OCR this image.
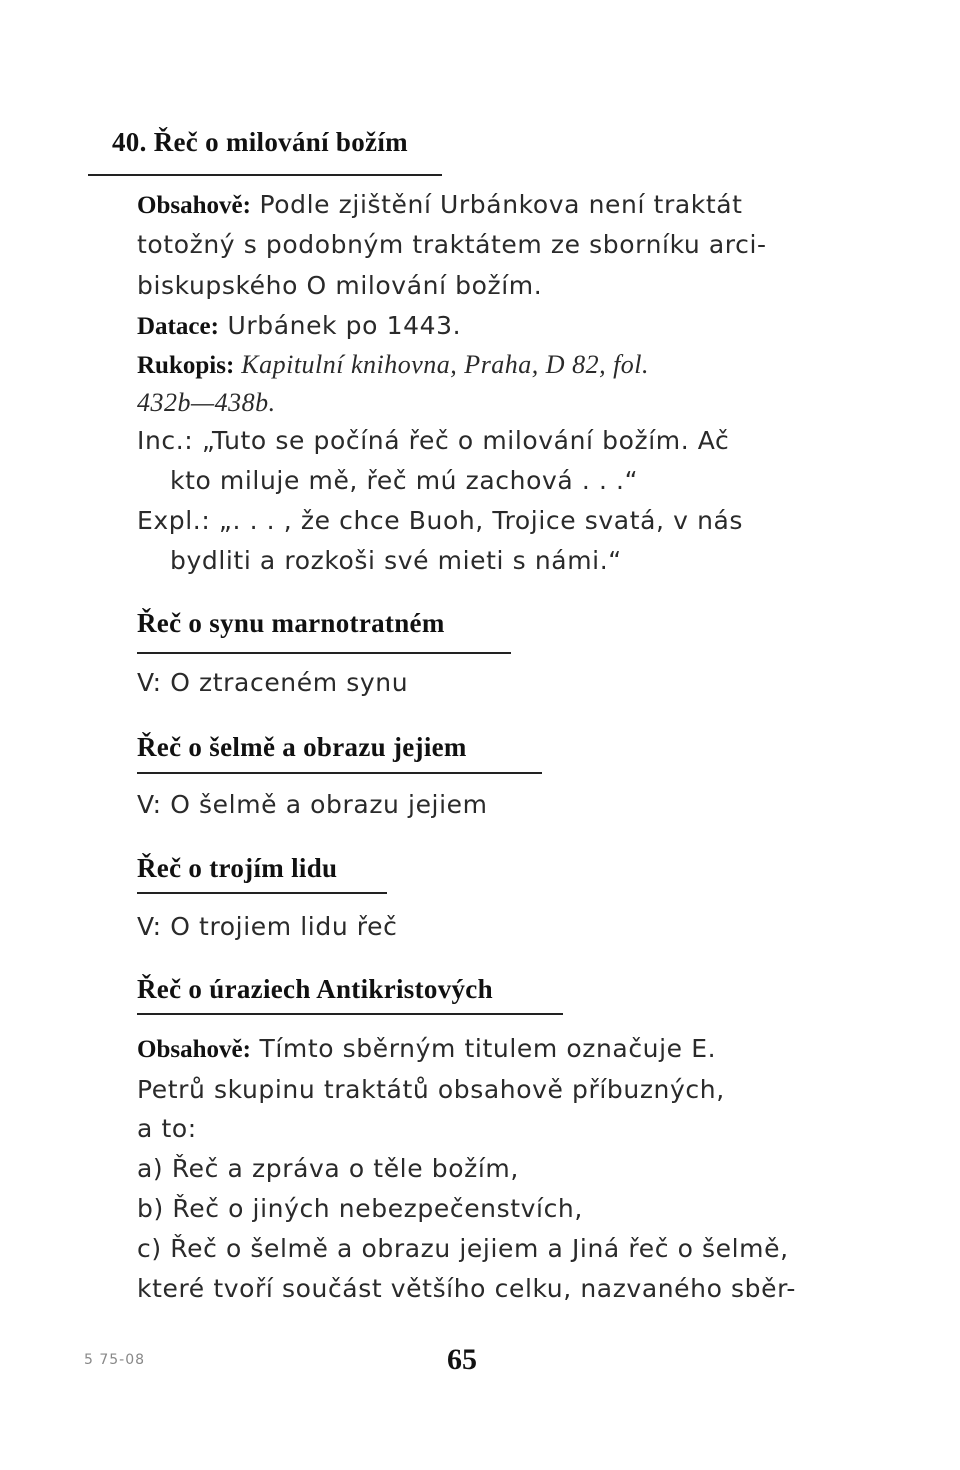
40. Řeč o milování božím
Obsahově: Podle zjištění Urbánkova není traktát
totožný s podobným traktátem ze sborníku arci-
biskupského O milování božím.
Datace: Urbánek po 1443.
Rukopis: Kapitulní knihovna, Praha, D 82, fol.
432b—438b.
Inc.: „Tuto se počíná řeč o milování božím. Ač
kto miluje mě, řeč mú zachová . . .“
Expl.: „. . . , že chce Buoh, Trojice svatá, v nás
bydliti a rozkoši své mieti s námi.“
Řeč o synu marnotratném
V: O ztraceném synu
Řeč o šelmě a obrazu jejiem
V: O šelmě a obrazu jejiem
Řeč o trojím lidu
V: O trojiem lidu řeč
Řeč o úraziech Antikristových
Obsahově: Tímto sběrným titulem označuje E.
Petrů skupinu traktátů obsahově příbuzných,
a to:
a) Řeč a zpráva o těle božím,
b) Řeč o jiných nebezpečenstvích,
c) Řeč o šelmě a obrazu jejiem a Jiná řeč o šelmě,
které tvoří součást většího celku, nazvaného sběr-
5 75-08	65
